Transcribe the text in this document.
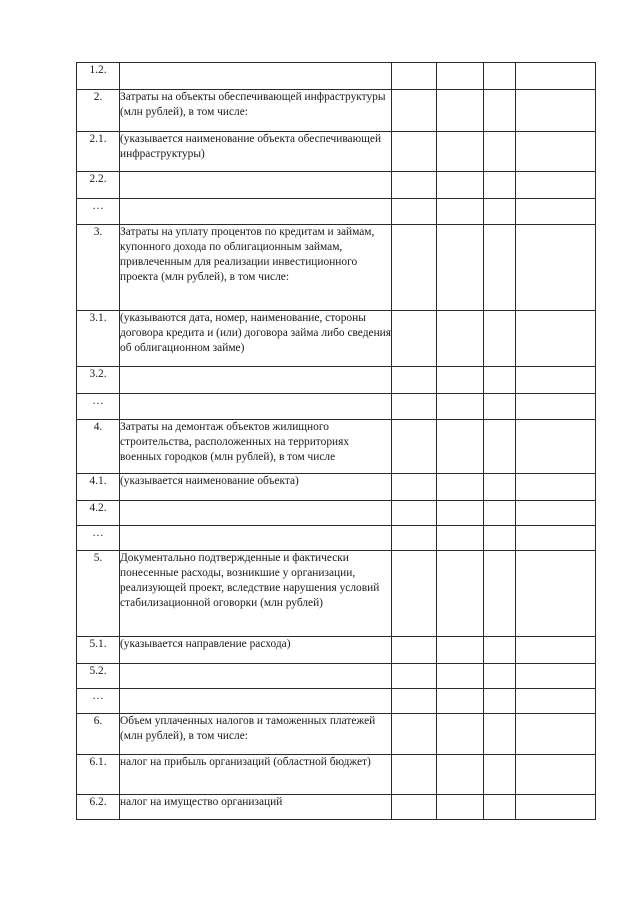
1.2.					
2.	Затраты на объекты обеспечивающей инфраструктуры (млн рублей), в том числе:				
2.1.	(указывается наименование объекта обеспечивающей инфраструктуры)				
2.2.					
…					
3.	Затраты на уплату процентов по кредитам и займам, купонного дохода по облигационным займам, привлеченным для реализации инвестиционного проекта (млн рублей), в том числе:				
3.1.	(указываются дата, номер, наименование, стороны договора кредита и (или) договора займа либо сведения об облигационном займе)				
3.2.					
…					
4.	Затраты на демонтаж объектов жилищного строительства, расположенных на территориях военных городков (млн рублей), в том числе				
4.1.	(указывается наименование объекта)				
4.2.					
…					
5.	Документально подтвержденные и фактически понесенные расходы, возникшие у организации, реализующей проект, вследствие нарушения условий стабилизационной оговорки (млн рублей)				
5.1.	(указывается направление расхода)				
5.2.					
…					
6.	Объем уплаченных налогов и таможенных платежей (млн рублей), в том числе:				
6.1.	налог на прибыль организаций (областной бюджет)				
6.2.	налог на имущество организаций				
